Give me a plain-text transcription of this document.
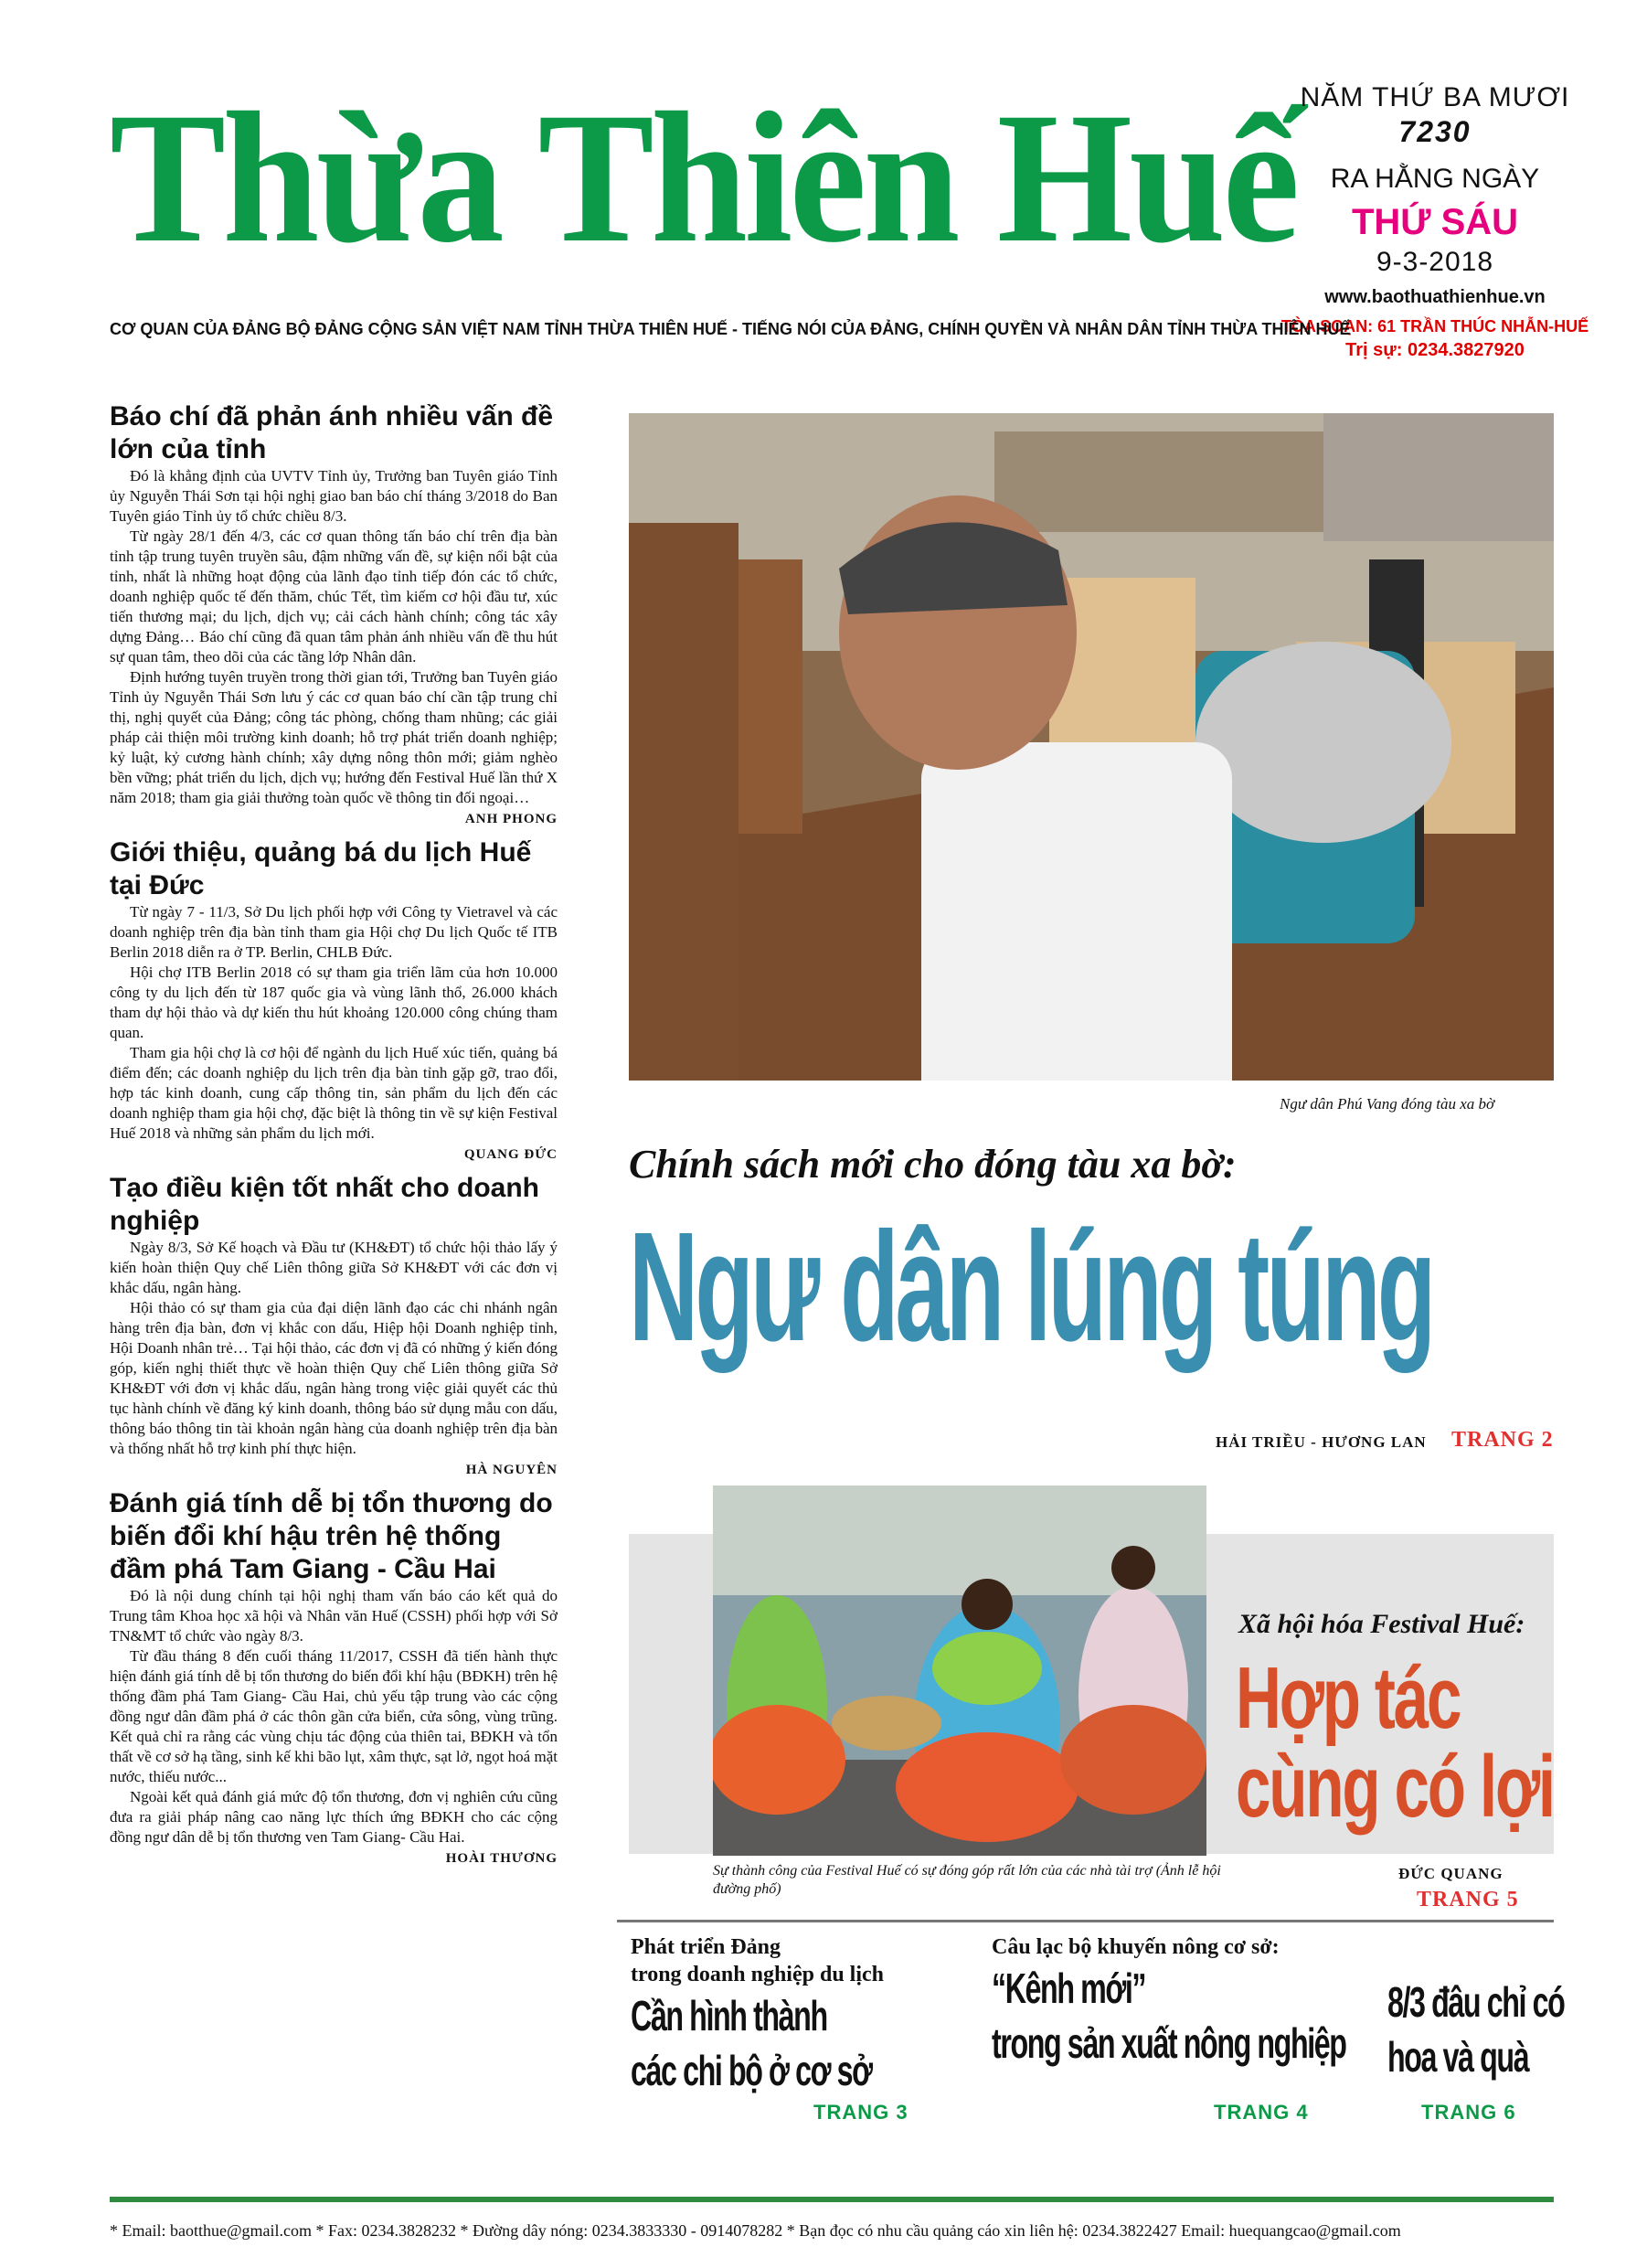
Thừa Thiên Huế NĂM THỨ BA MƯƠI
7230
RA HẰNG NGÀY
THỨ SÁU
9-3-2018
www.baothuathienhue.vn
TÒA SOẠN: 61 TRẦN THÚC NHẪN-HUẾ
Trị sự: 0234.3827920
CƠ QUAN CỦA ĐẢNG BỘ ĐẢNG CỘNG SẢN VIỆT NAM TỈNH THỪA THIÊN HUẾ - TIẾNG NÓI CỦA ĐẢNG, CHÍNH QUYỀN VÀ NHÂN DÂN TỈNH THỪA THIÊN HUẾ
Báo chí đã phản ánh nhiều vấn đề lớn của tỉnh

Đó là khẳng định của UVTV Tỉnh ủy, Trưởng ban Tuyên giáo Tỉnh ủy Nguyễn Thái Sơn tại hội nghị giao ban báo chí tháng 3/2018 do Ban Tuyên giáo Tỉnh ủy tổ chức chiều 8/3.

Từ ngày 28/1 đến 4/3, các cơ quan thông tấn báo chí trên địa bàn tỉnh tập trung tuyên truyền sâu, đậm những vấn đề, sự kiện nổi bật của tỉnh, nhất là những hoạt động của lãnh đạo tỉnh tiếp đón các tổ chức, doanh nghiệp quốc tế đến thăm, chúc Tết, tìm kiếm cơ hội đầu tư, xúc tiến thương mại; du lịch, dịch vụ; cải cách hành chính; công tác xây dựng Đảng… Báo chí cũng đã quan tâm phản ánh nhiều vấn đề thu hút sự quan tâm, theo dõi của các tầng lớp Nhân dân.

Định hướng tuyên truyền trong thời gian tới, Trưởng ban Tuyên giáo Tỉnh ủy Nguyễn Thái Sơn lưu ý các cơ quan báo chí cần tập trung chỉ thị, nghị quyết của Đảng; công tác phòng, chống tham nhũng; các giải pháp cải thiện môi trường kinh doanh; hỗ trợ phát triển doanh nghiệp; kỷ luật, kỷ cương hành chính; xây dựng nông thôn mới; giảm nghèo bền vững; phát triển du lịch, dịch vụ; hướng đến Festival Huế lần thứ X năm 2018; tham gia giải thưởng toàn quốc về thông tin đối ngoại…

ANH PHONG
Giới thiệu, quảng bá du lịch Huế tại Đức

Từ ngày 7 - 11/3, Sở Du lịch phối hợp với Công ty Vietravel và các doanh nghiệp trên địa bàn tỉnh tham gia Hội chợ Du lịch Quốc tế ITB Berlin 2018 diễn ra ở TP. Berlin, CHLB Đức.

Hội chợ ITB Berlin 2018 có sự tham gia triển lãm của hơn 10.000 công ty du lịch đến từ 187 quốc gia và vùng lãnh thổ, 26.000 khách tham dự hội thảo và dự kiến thu hút khoảng 120.000 công chúng tham quan.

Tham gia hội chợ là cơ hội để ngành du lịch Huế xúc tiến, quảng bá điểm đến; các doanh nghiệp du lịch trên địa bàn tỉnh gặp gỡ, trao đổi, hợp tác kinh doanh, cung cấp thông tin, sản phẩm du lịch đến các doanh nghiệp tham gia hội chợ, đặc biệt là thông tin về sự kiện Festival Huế 2018 và những sản phẩm du lịch mới.

QUANG ĐỨC
Tạo điều kiện tốt nhất cho doanh nghiệp

Ngày 8/3, Sở Kế hoạch và Đầu tư (KH&ĐT) tổ chức hội thảo lấy ý kiến hoàn thiện Quy chế Liên thông giữa Sở KH&ĐT với các đơn vị khắc dấu, ngân hàng.

Hội thảo có sự tham gia của đại diện lãnh đạo các chi nhánh ngân hàng trên địa bàn, đơn vị khắc con dấu, Hiệp hội Doanh nghiệp tỉnh, Hội Doanh nhân trẻ… Tại hội thảo, các đơn vị đã có những ý kiến đóng góp, kiến nghị thiết thực về hoàn thiện Quy chế Liên thông giữa Sở KH&ĐT với đơn vị khắc dấu, ngân hàng trong việc giải quyết các thủ tục hành chính về đăng ký kinh doanh, thông báo sử dụng mẫu con dấu, thông báo thông tin tài khoản ngân hàng của doanh nghiệp trên địa bàn và thống nhất hỗ trợ kinh phí thực hiện.

HÀ NGUYÊN
Đánh giá tính dễ bị tổn thương do biến đổi khí hậu trên hệ thống đầm phá Tam Giang - Cầu Hai

Đó là nội dung chính tại hội nghị tham vấn báo cáo kết quả do Trung tâm Khoa học xã hội và Nhân văn Huế (CSSH) phối hợp với Sở TN&MT tổ chức vào ngày 8/3.

Từ đầu tháng 8 đến cuối tháng 11/2017, CSSH đã tiến hành thực hiện đánh giá tính dễ bị tổn thương do biến đổi khí hậu (BĐKH) trên hệ thống đầm phá Tam Giang- Cầu Hai, chủ yếu tập trung vào các cộng đồng ngư dân đầm phá ở các thôn gần cửa biển, cửa sông, vùng trũng. Kết quả chỉ ra rằng các vùng chịu tác động của thiên tai, BĐKH và tổn thất về cơ sở hạ tầng, sinh kế khi bão lụt, xâm thực, sạt lở, ngọt hoá mặt nước, thiếu nước...

Ngoài kết quả đánh giá mức độ tổn thương, đơn vị nghiên cứu cũng đưa ra giải pháp nâng cao năng lực thích ứng BĐKH cho các cộng đồng ngư dân dễ bị tổn thương ven Tam Giang- Cầu Hai.

HOÀI THƯƠNG
Ngư dân Phú Vang đóng tàu xa bờ
Chính sách mới cho đóng tàu xa bờ:
Ngư dân lúng túng
HẢI TRIỀU - HƯƠNG LAN TRANG 2
Sự thành công của Festival Huế có sự đóng góp rất lớn của các nhà tài trợ (Ảnh lễ hội đường phố)
Xã hội hóa Festival Huế:
Hợp tác
cùng có lợi
ĐỨC QUANG
TRANG 5
Phát triển Đảng
trong doanh nghiệp du lịch
Cần hình thành
các chi bộ ở cơ sở
TRANG 3
Câu lạc bộ khuyến nông cơ sở:
“Kênh mới”
trong sản xuất nông nghiệp
TRANG 4
8/3 đâu chỉ có
hoa và quà
TRANG 6
* Email: baotthue@gmail.com * Fax: 0234.3828232 * Đường dây nóng: 0234.3833330 - 0914078282 * Bạn đọc có nhu cầu quảng cáo xin liên hệ: 0234.3822427 Email: huequangcao@gmail.com
